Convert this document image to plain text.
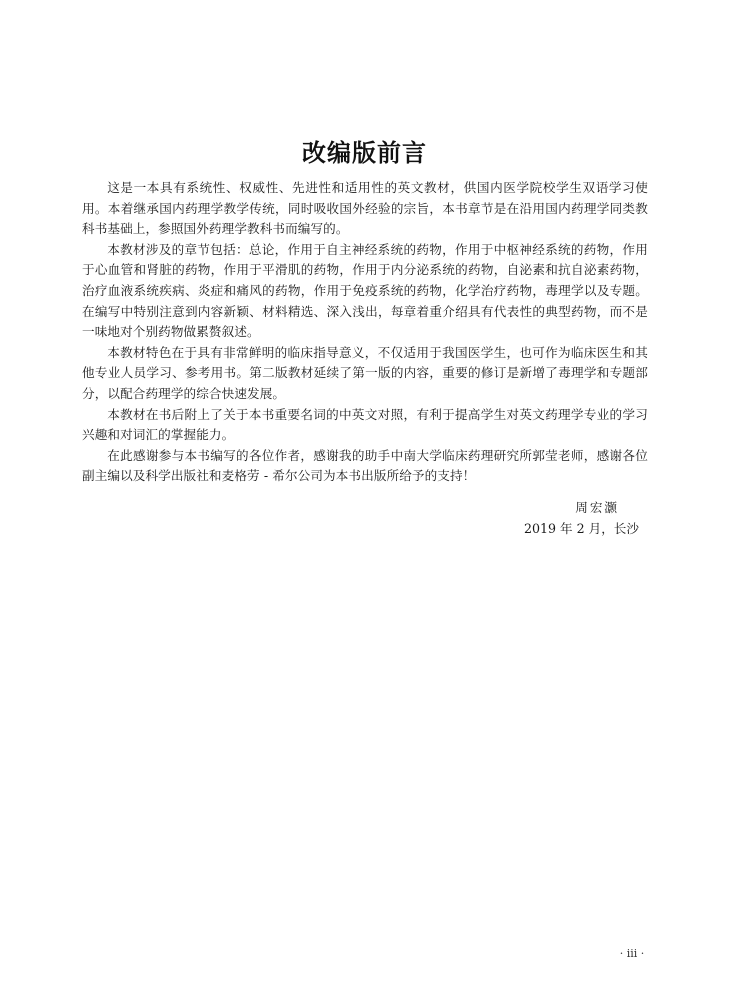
改编版前言

这是一本具有系统性、权威性、先进性和适用性的英文教材，供国内医学院校学生双语学习使用。本着继承国内药理学教学传统，同时吸收国外经验的宗旨，本书章节是在沿用国内药理学同类教科书基础上，参照国外药理学教科书而编写的。

本教材涉及的章节包括：总论，作用于自主神经系统的药物，作用于中枢神经系统的药物，作用于心血管和肾脏的药物，作用于平滑肌的药物，作用于内分泌系统的药物，自泌素和抗自泌素药物，治疗血液系统疾病、炎症和痛风的药物，作用于免疫系统的药物，化学治疗药物，毒理学以及专题。在编写中特别注意到内容新颖、材料精选、深入浅出，每章着重介绍具有代表性的典型药物，而不是一味地对个别药物做累赘叙述。

本教材特色在于具有非常鲜明的临床指导意义，不仅适用于我国医学生，也可作为临床医生和其他专业人员学习、参考用书。第二版教材延续了第一版的内容，重要的修订是新增了毒理学和专题部分，以配合药理学的综合快速发展。

本教材在书后附上了关于本书重要名词的中英文对照，有利于提高学生对英文药理学专业的学习兴趣和对词汇的掌握能力。

在此感谢参与本书编写的各位作者，感谢我的助手中南大学临床药理研究所郭莹老师，感谢各位副主编以及科学出版社和麦格劳 - 希尔公司为本书出版所给予的支持！

周宏灏

2019 年 2 月，长沙

· iii ·
